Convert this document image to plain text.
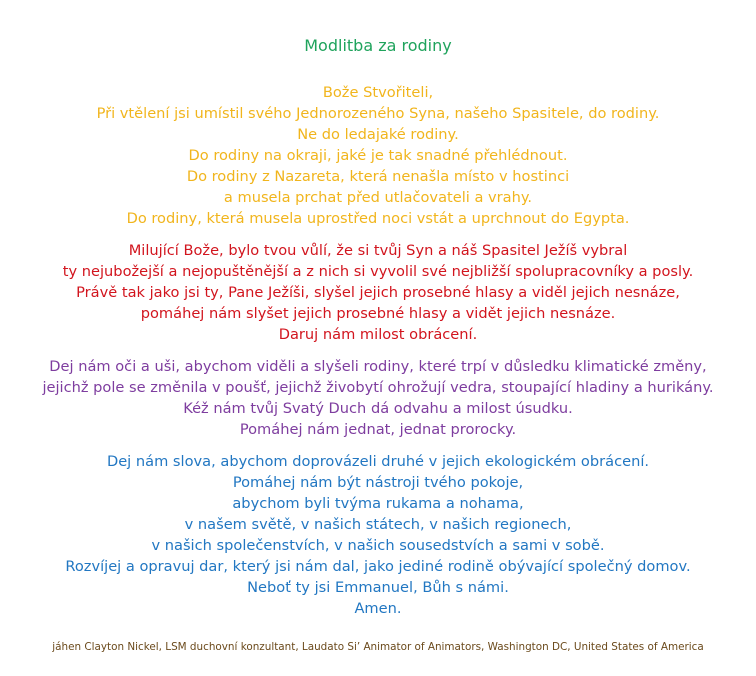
Modlitba za rodiny
Bože Stvořiteli,
Při vtělení jsi umístil svého Jednorozeného Syna, našeho Spasitele, do rodiny.
Ne do ledajaké rodiny.
Do rodiny na okraji, jaké je tak snadné přehlédnout.
Do rodiny z Nazareta, která nenašla místo v hostinci
a musela prchat před utlačovateli a vrahy.
Do rodiny, která musela uprostřed noci vstát a uprchnout do Egypta.
Milující Bože, bylo tvou vůlí, že si tvůj Syn a náš Spasitel Ježíš vybral
ty nejubožejší a nejopuštěnější a z nich si vyvolil své nejbližší spolupracovníky a posly.
Právě tak jako jsi ty, Pane Ježíši, slyšel jejich prosebné hlasy a viděl jejich nesnáze,
pomáhej nám slyšet jejich prosebné hlasy a vidět jejich nesnáze.
Daruj nám milost obrácení.
Dej nám oči a uši, abychom viděli a slyšeli rodiny, které trpí v důsledku klimatické změny,
jejichž pole se změnila v poušť, jejichž živobytí ohrožují vedra, stoupající hladiny a hurikány.
Kéž nám tvůj Svatý Duch dá odvahu a milost úsudku.
Pomáhej nám jednat, jednat prorocky.
Dej nám slova, abychom doprovázeli druhé v jejich ekologickém obrácení.
Pomáhej nám být nástroji tvého pokoje,
abychom byli tvýma rukama a nohama,
v našem světě, v našich státech, v našich regionech,
v našich společenstvích, v našich sousedstvích a sami v sobě.
Rozvíjej a opravuj dar, který jsi nám dal, jako jediné rodině obývající společný domov.
Neboť ty jsi Emmanuel, Bůh s námi.
Amen.
jáhen Clayton Nickel, LSM duchovní konzultant, Laudato Si’ Animator of Animators, Washington DC, United States of America
